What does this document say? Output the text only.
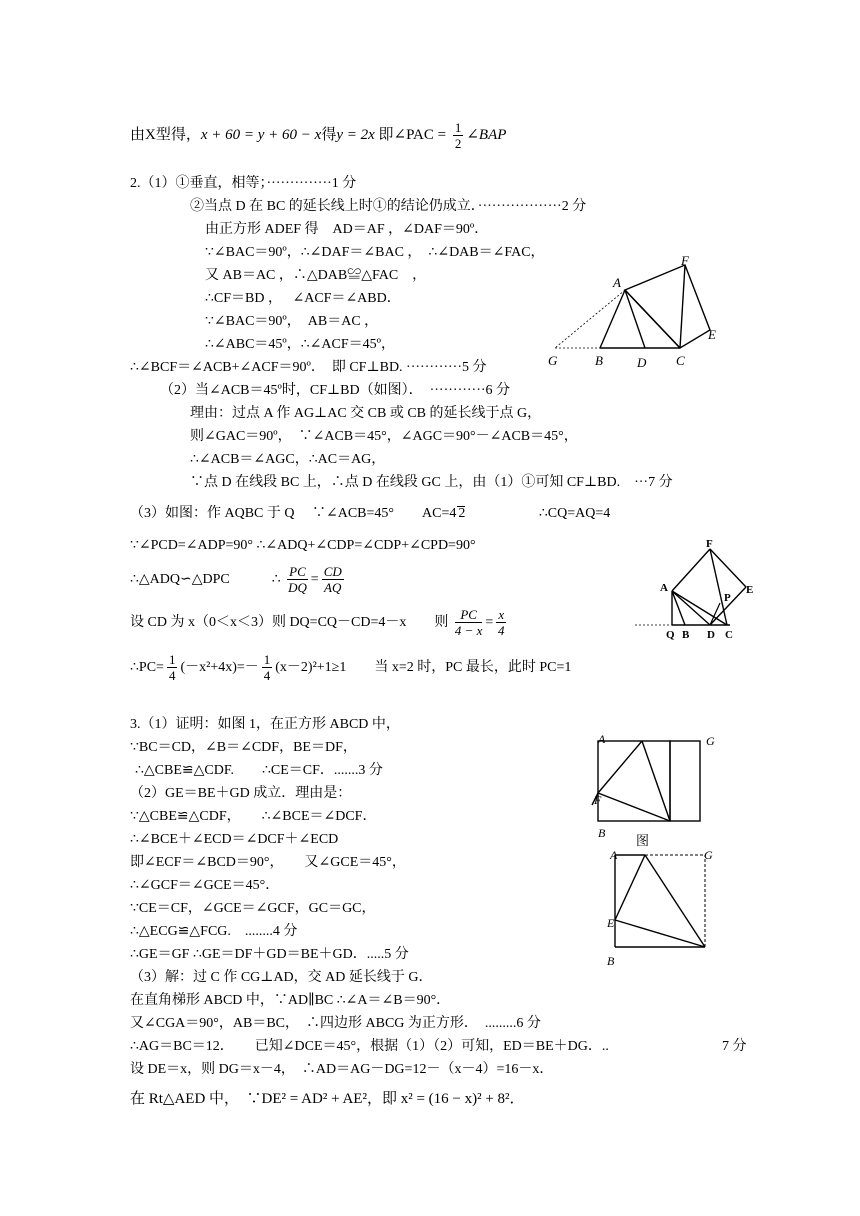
由X型得，x + 60 = y + 60 − x得y = 2x 即∠PAC = $\frac{1}{2}$ ∠BAP
2.（1）①垂直，相等；··············1 分
②当点 D 在 BC 的延长线上时①的结论仍成立．··················2 分
由正方形 ADEF 得　AD＝AF ，∠DAF＝90º．
∵∠BAC＝90º，∴∠DAF＝∠BAC ，　∴∠DAB＝∠FAC，
又 AB＝AC ，∴△DAB≌△FAC　，
∴CF＝BD ，　 ∠ACF＝∠ABD．
∵∠BAC＝90º，　AB＝AC ，
∴∠ABC＝45º，∴∠ACF＝45º，
∴∠BCF＝∠ACB+∠ACF＝90º．　即 CF⊥BD. ············5 分
（2）当∠ACB＝45º时，CF⊥BD（如图）．　············6 分
理由：过点 A 作 AG⊥AC 交 CB 或 CB 的延长线于点 G，
则∠GAC＝90º，　∵∠ACB＝45°，∠AGC＝90°－∠ACB＝45°，
∴∠ACB＝∠AGC，∴AC＝AG，
∵点 D 在线段 BC 上，∴点 D 在线段 GC 上，由（1）①可知 CF⊥BD.　···7 分
（3）如图：作 AQBC 于 Q　 ∵∠ACB=45°　　AC=4 2	∴CQ=AQ=4
∵∠PCD=∠ADP=90° ∴∠ADQ+∠CDP=∠CDP+∠CPD=90°
∴△ADQ∽△DPC　　　∴ $\frac{PC}{DQ} = \frac{CD}{AQ}$
设 CD 为 x（0＜x＜3）则 DQ=CQ－CD=4－x　　则 $\frac{PC}{4 - x} = \frac{x}{4}$
∴PC= $\frac{1}{4} (-x^2+4x)=- \frac{1}{4} (x-2)^2+1\ge 1$　　当 x=2 时，PC 最长，此时 PC=1
3.（1）证明：如图 1，在正方形 ABCD 中，
∵BC＝CD，∠B＝∠CDF，BE＝DF，
∴△CBE≌△CDF.　　∴CE＝CF．.......3 分
（2）GE＝BE＋GD 成立．理由是：
∵△CBE≌△CDF，　　∴∠BCE＝∠DCF．
∴∠BCE＋∠ECD＝∠DCF＋∠ECD
即∠ECF＝∠BCD＝90°，　　又∠GCE＝45°，
∴∠GCF＝∠GCE＝45°．
∵CE＝CF，∠GCE＝∠GCF，GC＝GC，
∴△ECG≌△FCG.　........4 分
∴GE＝GF ∴GE＝DF＋GD＝BE＋GD．.....5 分
（3）解：过 C 作 CG⊥AD，交 AD 延长线于 G．
在直角梯形 ABCD 中，∵AD∥BC ∴∠A＝∠B＝90°．
又∠CGA＝90°，AB＝BC，　∴四边形 ABCG 为正方形．　.........6 分
∴AG＝BC＝12．　　已知∠DCE＝45°，根据（1）（2）可知，ED＝BE＋DG．..	7 分
设 DE＝x，则 DG＝x－4，　∴AD＝AG－DG=12－（x－4）=16－x．
在 Rt△AED 中，　∵DE² = AD² + AE²，即 x² = (16 − x)² + 8²．
A
F
E
G	B	D C
F
A	E
P
Q B D C
A	G
F
B 图
A	G
E
B
